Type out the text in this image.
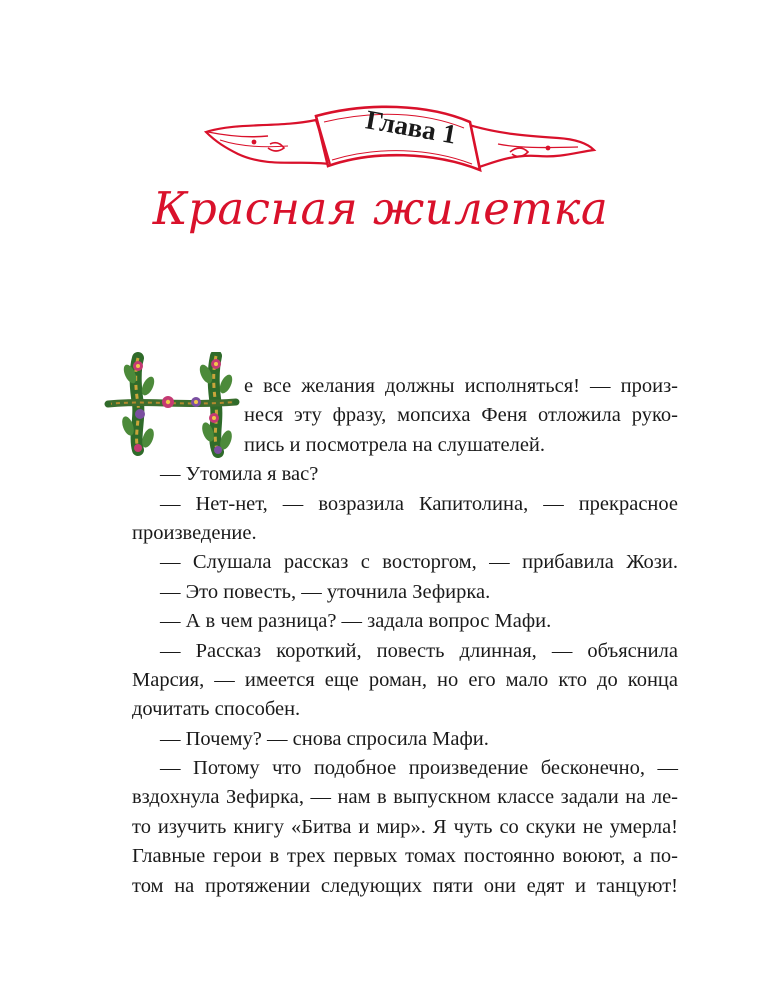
Глава 1
Красная жилетка
е все желания должны исполняться! — произ-
неся эту фразу, мопсиха Феня отложила руко-
пись и посмотрела на слушателей.
— Утомила я вас?
— Нет-нет, — возразила Капитолина, — прекрасное
произведение.
— Слушала рассказ с восторгом, — прибавила Жози.
— Это повесть, — уточнила Зефирка.
— А в чем разница? — задала вопрос Мафи.
— Рассказ короткий, повесть длинная, — объяснила
Марсия, — имеется еще роман, но его мало кто до конца
дочитать способен.
— Почему? — снова спросила Мафи.
— Потому что подобное произведение бесконечно, —
вздохнула Зефирка, — нам в выпускном классе задали на ле-
то изучить книгу «Битва и мир». Я чуть со скуки не умерла!
Главные герои в трех первых томах постоянно воюют, а по-
том на протяжении следующих пяти они едят и танцуют!
